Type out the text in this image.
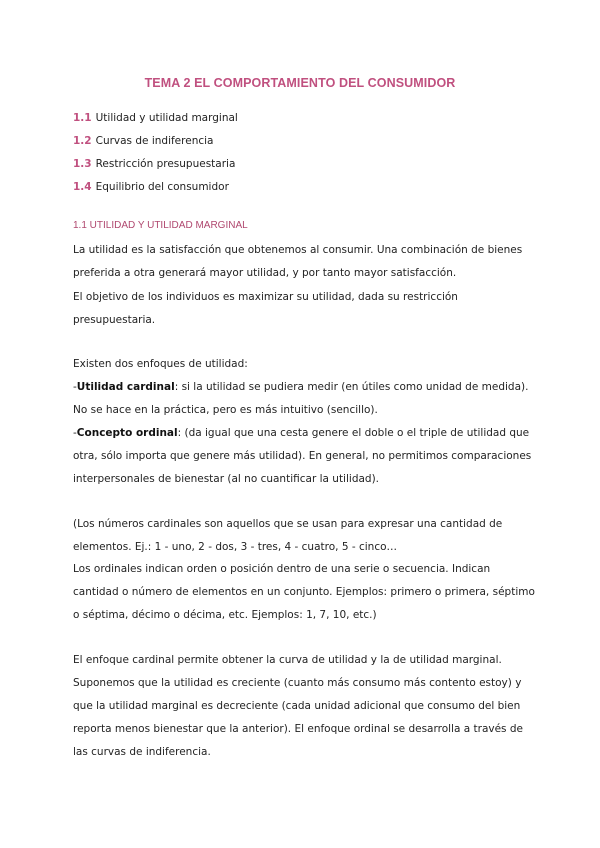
TEMA 2 EL COMPORTAMIENTO DEL CONSUMIDOR
1.1 Utilidad y utilidad marginal
1.2 Curvas de indiferencia
1.3 Restricción presupuestaria
1.4 Equilibrio del consumidor
1.1 UTILIDAD Y UTILIDAD MARGINAL
La utilidad es la satisfacción que obtenemos al consumir. Una combinación de bienes
preferida a otra generará mayor utilidad, y por tanto mayor satisfacción.
El objetivo de los individuos es maximizar su utilidad, dada su restricción
presupuestaria.
Existen dos enfoques de utilidad:
-Utilidad cardinal: si la utilidad se pudiera medir (en útiles como unidad de medida).
No se hace en la práctica, pero es más intuitivo (sencillo).
-Concepto ordinal: (da igual que una cesta genere el doble o el triple de utilidad que
otra, sólo importa que genere más utilidad). En general, no permitimos comparaciones
interpersonales de bienestar (al no cuantificar la utilidad).
(Los números cardinales son aquellos que se usan para expresar una cantidad de
elementos. Ej.: 1 - uno, 2 - dos, 3 - tres, 4 - cuatro, 5 - cinco…
Los ordinales indican orden o posición dentro de una serie o secuencia. Indican
cantidad o número de elementos en un conjunto. Ejemplos: primero o primera, séptimo
o séptima, décimo o décima, etc. Ejemplos: 1, 7, 10, etc.)
El enfoque cardinal permite obtener la curva de utilidad y la de utilidad marginal.
Suponemos que la utilidad es creciente (cuanto más consumo más contento estoy) y
que la utilidad marginal es decreciente (cada unidad adicional que consumo del bien
reporta menos bienestar que la anterior). El enfoque ordinal se desarrolla a través de
las curvas de indiferencia.
